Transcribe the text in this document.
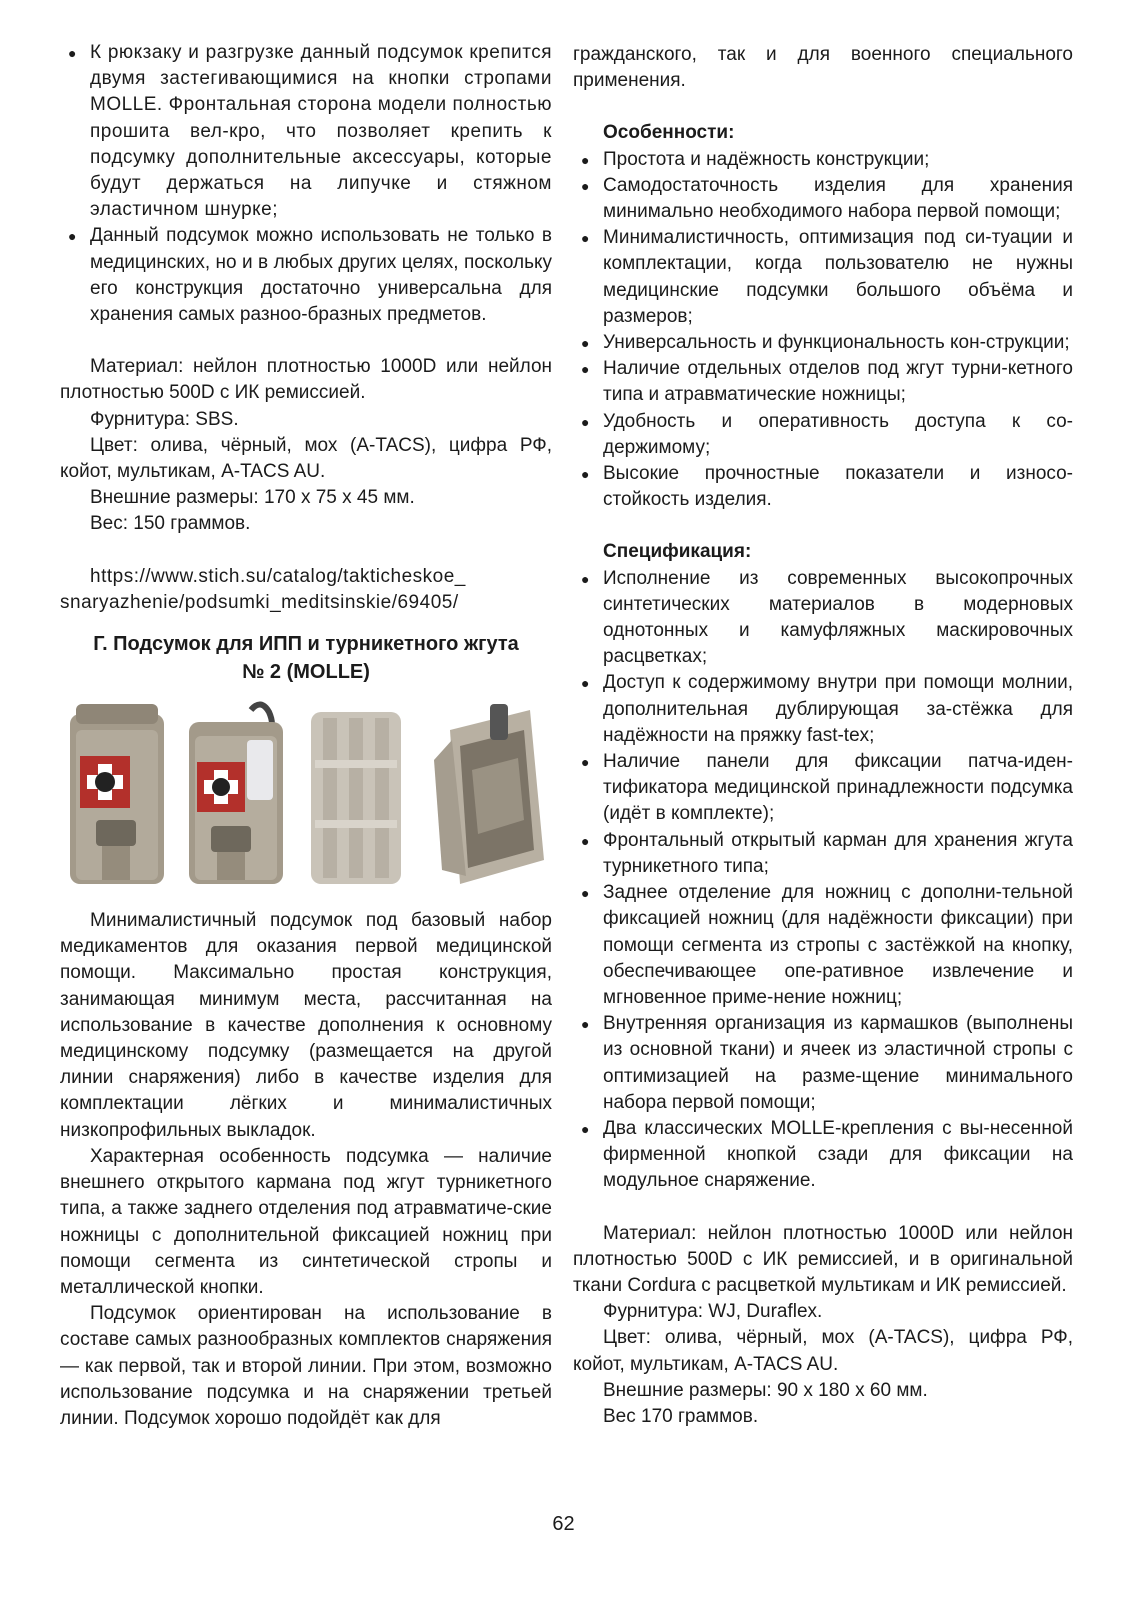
● К рюкзаку и разгрузке данный подсумок крепится двумя застегивающимися на кнопки стропами MOLLE. Фронтальная сторона модели полностью прошита вел-кро, что позволяет крепить к подсумку дополнительные аксессуары, которые будут держаться на липучке и стяжном эластичном шнурке;
● Данный подсумок можно использовать не только в медицинских, но и в любых других целях, поскольку его конструкция достаточно универсальна для хранения самых разноо-бразных предметов.

Материал: нейлон плотностью 1000D или нейлон плотностью 500D с ИК ремиссией.

Фурнитура: SBS.

Цвет: олива, чёрный, мох (A-TACS), цифра РФ, койот, мультикам, A-TACS AU.

Внешние размеры: 170 х 75 х 45 мм.

Вес: 150 граммов.

https://www.stich.su/catalog/takticheskoe_

snaryazhenie/podsumki_meditsinskie/69405/

Г. Подсумок для ИПП и турникетного жгута

№ 2 (MOLLE)

Минималистичный подсумок под базовый набор медикаментов для оказания первой медицинской помощи. Максимально простая конструкция, занимающая минимум места, рассчитанная на использование в качестве дополнения к основному медицинскому подсумку (размещается на другой линии снаряжения) либо в качестве изделия для комплектации лёгких и минималистичных низкопрофильных выкладок.

Характерная особенность подсумка — наличие внешнего открытого кармана под жгут турникетного типа, а также заднего отделения под атравматиче-ские ножницы с дополнительной фиксацией ножниц при помощи сегмента из синтетической стропы и металлической кнопки.

Подсумок ориентирован на использование в составе самых разнообразных комплектов снаряжения — как первой, так и второй линии. При этом, возможно использование подсумка и на снаряжении третьей линии. Подсумок хорошо подойдёт как для

гражданского, так и для военного специального применения.

Особенности:

● Простота и надёжность конструкции;
● Самодостаточность изделия для хранения минимально необходимого набора первой помощи;
● Минималистичность, оптимизация под си-туации и комплектации, когда пользователю не нужны медицинские подсумки большого объёма и размеров;
● Универсальность и функциональность кон-струкции;
● Наличие отдельных отделов под жгут турни-кетного типа и атравматические ножницы;
● Удобность и оперативность доступа к со-держимому;
● Высокие прочностные показатели и износо-стойкость изделия.

Спецификация:

● Исполнение из современных высокопрочных синтетических материалов в модерновых однотонных и камуфляжных маскировочных расцветках;
● Доступ к содержимому внутри при помощи молнии, дополнительная дублирующая за-стёжка для надёжности на пряжку fast-tex;
● Наличие панели для фиксации патча-иден-тификатора медицинской принадлежности подсумка (идёт в комплекте);
● Фронтальный открытый карман для хранения жгута турникетного типа;
● Заднее отделение для ножниц с дополни-тельной фиксацией ножниц (для надёжности фиксации) при помощи сегмента из стропы с застёжкой на кнопку, обеспечивающее опе-ративное извлечение и мгновенное приме-нение ножниц;
● Внутренняя организация из кармашков (выполнены из основной ткани) и ячеек из эластичной стропы с оптимизацией на разме-щение минимального набора первой помощи;
● Два классических MOLLE-крепления с вы-несенной фирменной кнопкой сзади для фиксации на модульное снаряжение.

Материал: нейлон плотностью 1000D или нейлон плотностью 500D с ИК ремиссией, и в оригинальной ткани Cordura с расцветкой мультикам и ИК ремиссией.

Фурнитура: WJ, Duraflex.

Цвет: олива, чёрный, мох (A-TACS), цифра РФ, койот, мультикам, A-TACS AU.

Внешние размеры: 90 х 180 х 60 мм.

Вес 170 граммов.

62
